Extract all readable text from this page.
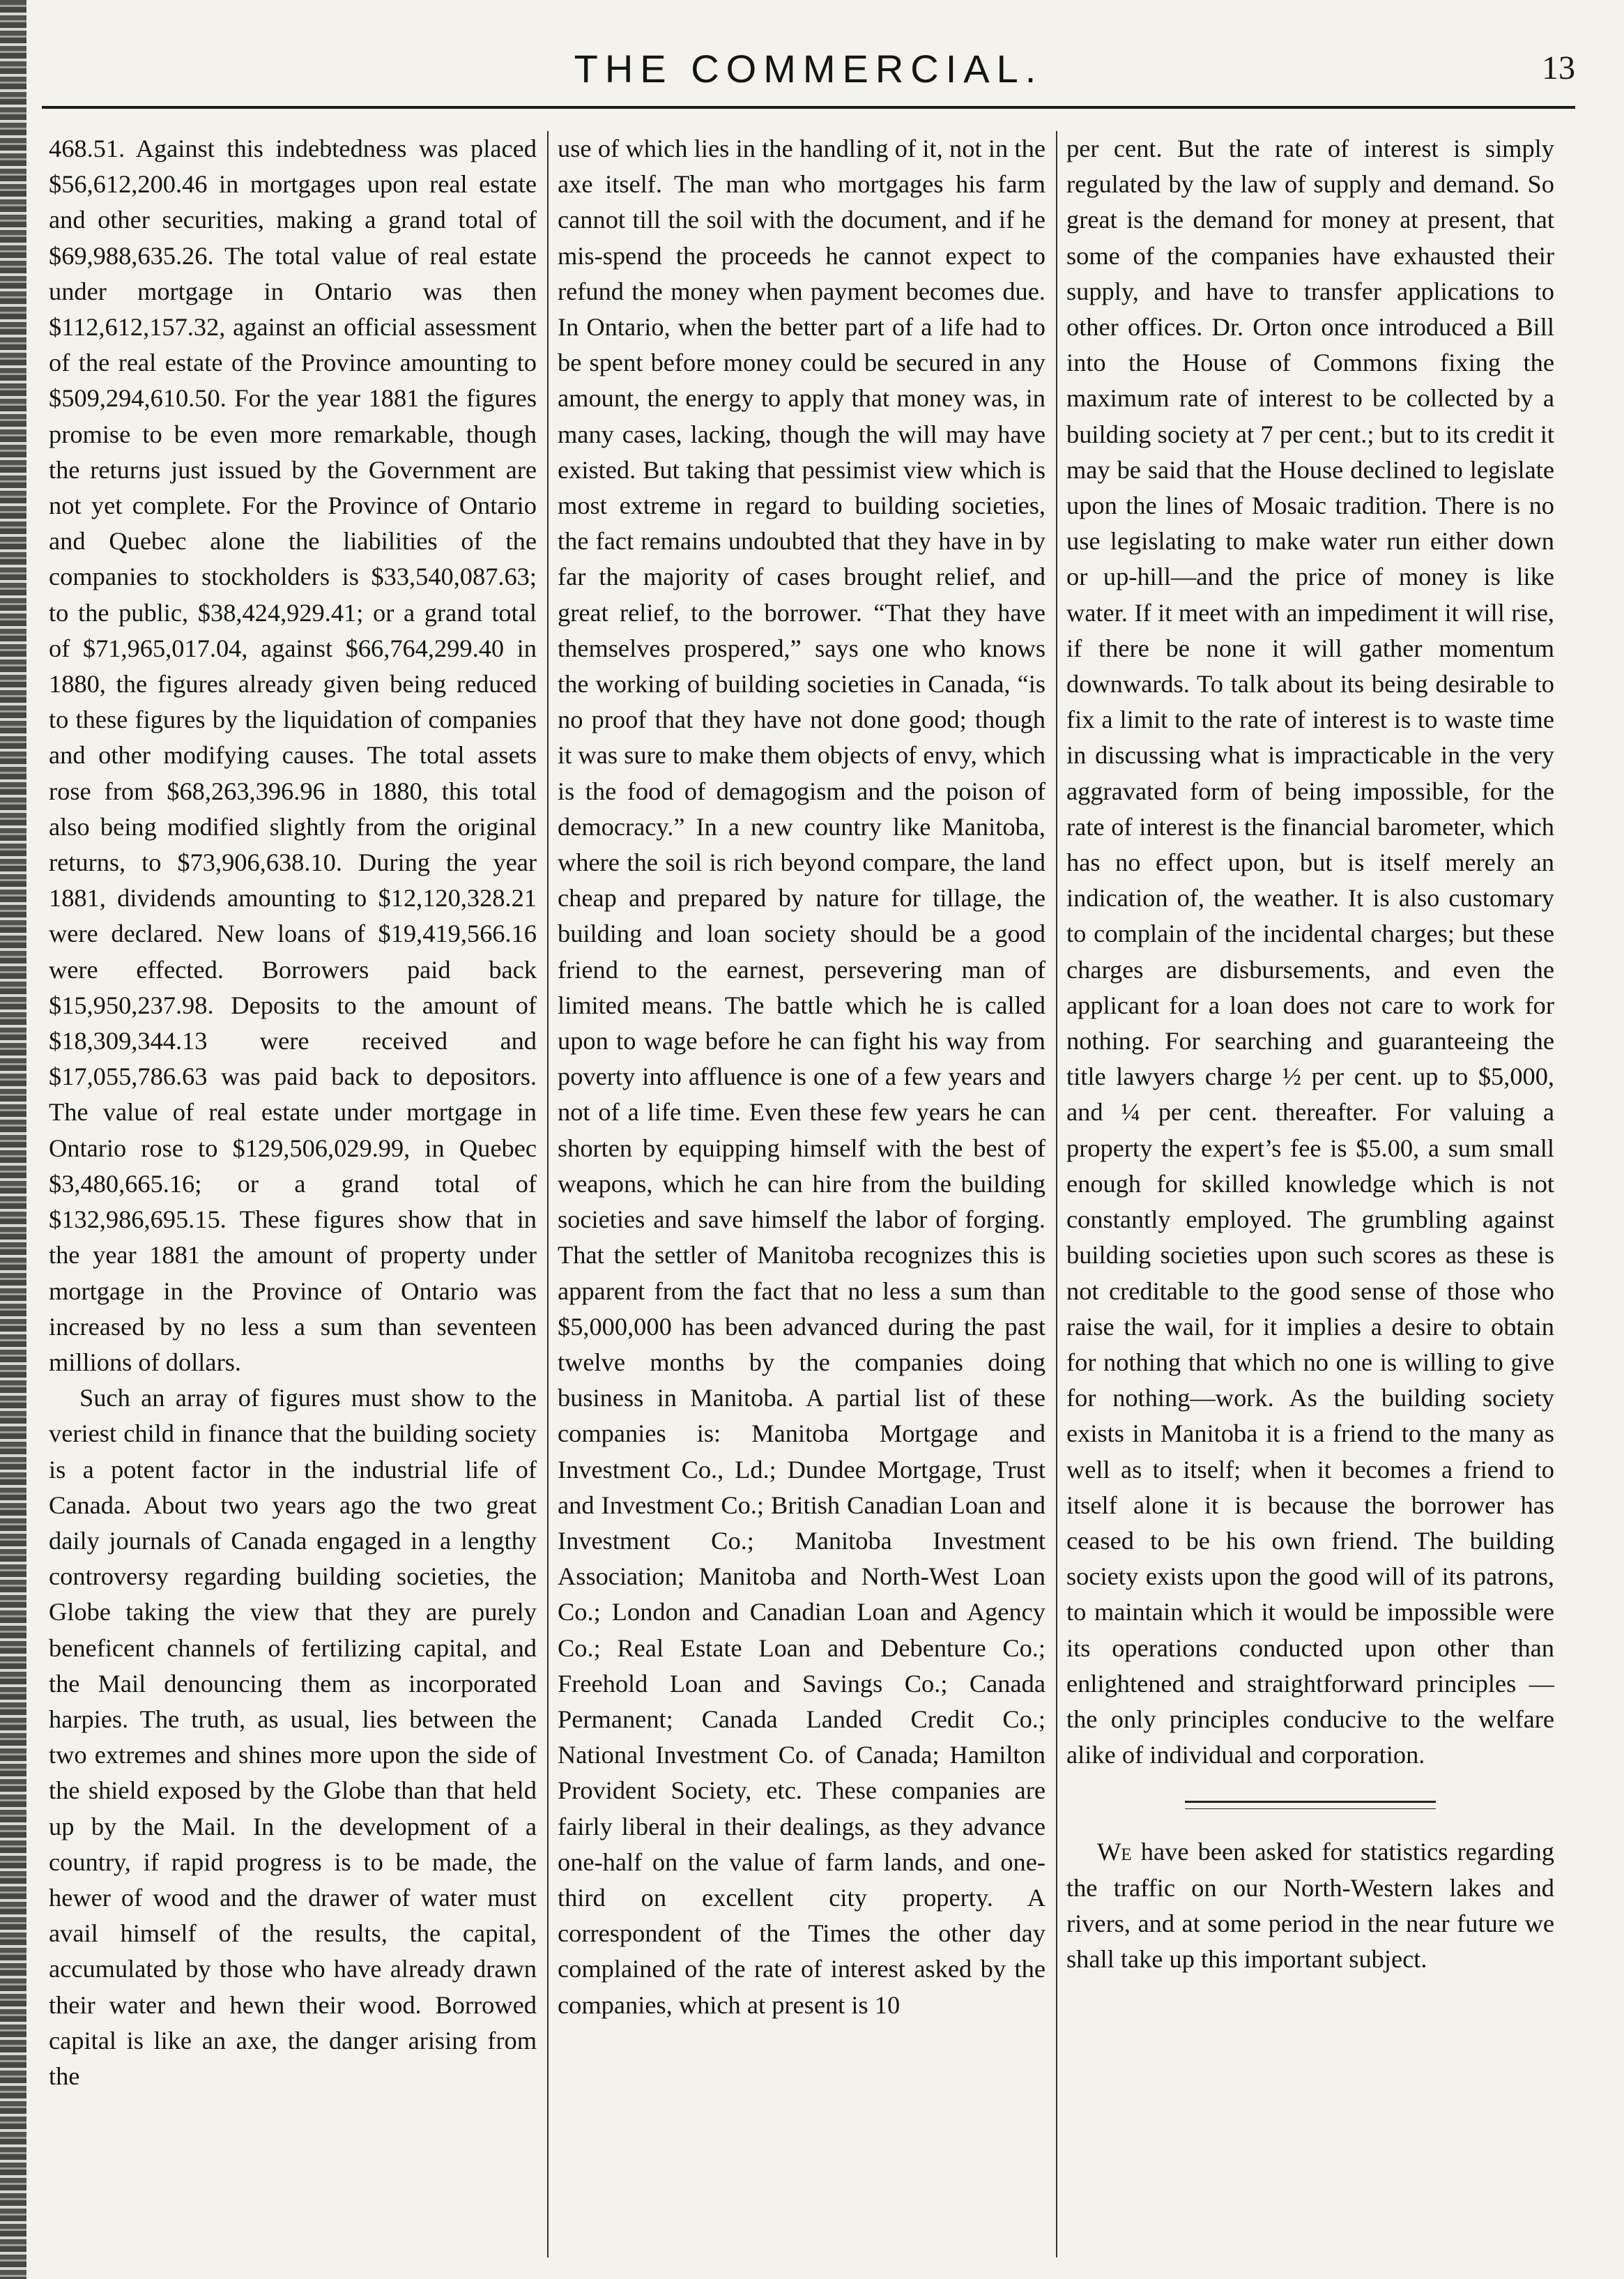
THE COMMERCIAL.	13

468.51. Against this indebtedness was placed $56,612,200.46 in mortgages upon real estate and other securities, making a grand total of $69,988,635.26. The total value of real estate under mortgage in Ontario was then $112,612,157.32, against an official assessment of the real estate of the Province amounting to $509,294,610.50. For the year 1881 the figures promise to be even more remarkable, though the returns just issued by the Government are not yet complete. For the Province of Ontario and Quebec alone the liabilities of the companies to stockholders is $33,540,087.63; to the public, $38,424,929.41; or a grand total of $71,965,017.04, against $66,764,299.40 in 1880, the figures already given being reduced to these figures by the liquidation of companies and other modifying causes. The total assets rose from $68,263,396.96 in 1880, this total also being modified slightly from the original returns, to $73,906,638.10. During the year 1881, dividends amounting to $12,120,328.21 were declared. New loans of $19,419,566.16 were effected. Borrowers paid back $15,950,237.98. Deposits to the amount of $18,309,344.13 were received and $17,055,786.63 was paid back to depositors. The value of real estate under mortgage in Ontario rose to $129,506,029.99, in Quebec $3,480,665.16; or a grand total of $132,986,695.15. These figures show that in the year 1881 the amount of property under mortgage in the Province of Ontario was increased by no less a sum than seventeen millions of dollars.

Such an array of figures must show to the veriest child in finance that the building society is a potent factor in the industrial life of Canada. About two years ago the two great daily journals of Canada engaged in a lengthy controversy regarding building societies, the Globe taking the view that they are purely beneficent channels of fertilizing capital, and the Mail denouncing them as incorporated harpies. The truth, as usual, lies between the two extremes and shines more upon the side of the shield exposed by the Globe than that held up by the Mail. In the development of a country, if rapid progress is to be made, the hewer of wood and the drawer of water must avail himself of the results, the capital, accumulated by those who have already drawn their water and hewn their wood. Borrowed capital is like an axe, the danger arising from the

use of which lies in the handling of it, not in the axe itself. The man who mortgages his farm cannot till the soil with the document, and if he mis-spend the proceeds he cannot expect to refund the money when payment becomes due. In Ontario, when the better part of a life had to be spent before money could be secured in any amount, the energy to apply that money was, in many cases, lacking, though the will may have existed. But taking that pessimist view which is most extreme in regard to building societies, the fact remains undoubted that they have in by far the majority of cases brought relief, and great relief, to the borrower. “That they have themselves prospered,” says one who knows the working of building societies in Canada, “is no proof that they have not done good; though it was sure to make them objects of envy, which is the food of demagogism and the poison of democracy.” In a new country like Manitoba, where the soil is rich beyond compare, the land cheap and prepared by nature for tillage, the building and loan society should be a good friend to the earnest, persevering man of limited means. The battle which he is called upon to wage before he can fight his way from poverty into affluence is one of a few years and not of a life time. Even these few years he can shorten by equipping himself with the best of weapons, which he can hire from the building societies and save himself the labor of forging. That the settler of Manitoba recognizes this is apparent from the fact that no less a sum than $5,000,000 has been advanced during the past twelve months by the companies doing business in Manitoba. A partial list of these companies is: Manitoba Mortgage and Investment Co., Ld.; Dundee Mortgage, Trust and Investment Co.; British Canadian Loan and Investment Co.; Manitoba Investment Association; Manitoba and North-West Loan Co.; London and Canadian Loan and Agency Co.; Real Estate Loan and Debenture Co.; Freehold Loan and Savings Co.; Canada Permanent; Canada Landed Credit Co.; National Investment Co. of Canada; Hamilton Provident Society, etc. These companies are fairly liberal in their dealings, as they advance one-half on the value of farm lands, and one-third on excellent city property. A correspondent of the Times the other day complained of the rate of interest asked by the companies, which at present is 10

per cent. But the rate of interest is simply regulated by the law of supply and demand. So great is the demand for money at present, that some of the companies have exhausted their supply, and have to transfer applications to other offices. Dr. Orton once introduced a Bill into the House of Commons fixing the maximum rate of interest to be collected by a building society at 7 per cent.; but to its credit it may be said that the House declined to legislate upon the lines of Mosaic tradition. There is no use legislating to make water run either down or up-hill—and the price of money is like water. If it meet with an impediment it will rise, if there be none it will gather momentum downwards. To talk about its being desirable to fix a limit to the rate of interest is to waste time in discussing what is impracticable in the very aggravated form of being impossible, for the rate of interest is the financial barometer, which has no effect upon, but is itself merely an indication of, the weather. It is also customary to complain of the incidental charges; but these charges are disbursements, and even the applicant for a loan does not care to work for nothing. For searching and guaranteeing the title lawyers charge ½ per cent. up to $5,000, and ¼ per cent. thereafter. For valuing a property the expert’s fee is $5.00, a sum small enough for skilled knowledge which is not constantly employed. The grumbling against building societies upon such scores as these is not creditable to the good sense of those who raise the wail, for it implies a desire to obtain for nothing that which no one is willing to give for nothing—work. As the building society exists in Manitoba it is a friend to the many as well as to itself; when it becomes a friend to itself alone it is because the borrower has ceased to be his own friend. The building society exists upon the good will of its patrons, to maintain which it would be impossible were its operations conducted upon other than enlightened and straightforward principles — the only principles conducive to the welfare alike of individual and corporation.

We have been asked for statistics regarding the traffic on our North-Western lakes and rivers, and at some period in the near future we shall take up this important subject.
